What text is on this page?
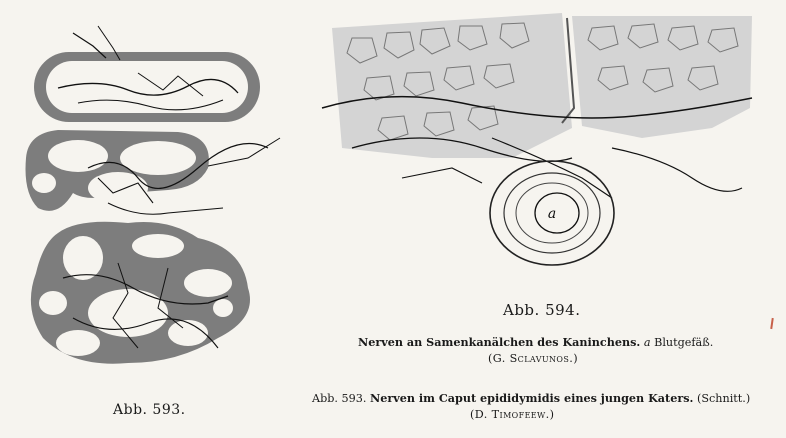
a
Abb. 593.
Abb. 594.
Nerven an Samenkanälchen des Kaninchens. a Blutgefäß.
(G. Sclavunos.)
Abb. 593. Nerven im Caput epididymidis eines jungen Katers. (Schnitt.)
(D. Timofeew.)
